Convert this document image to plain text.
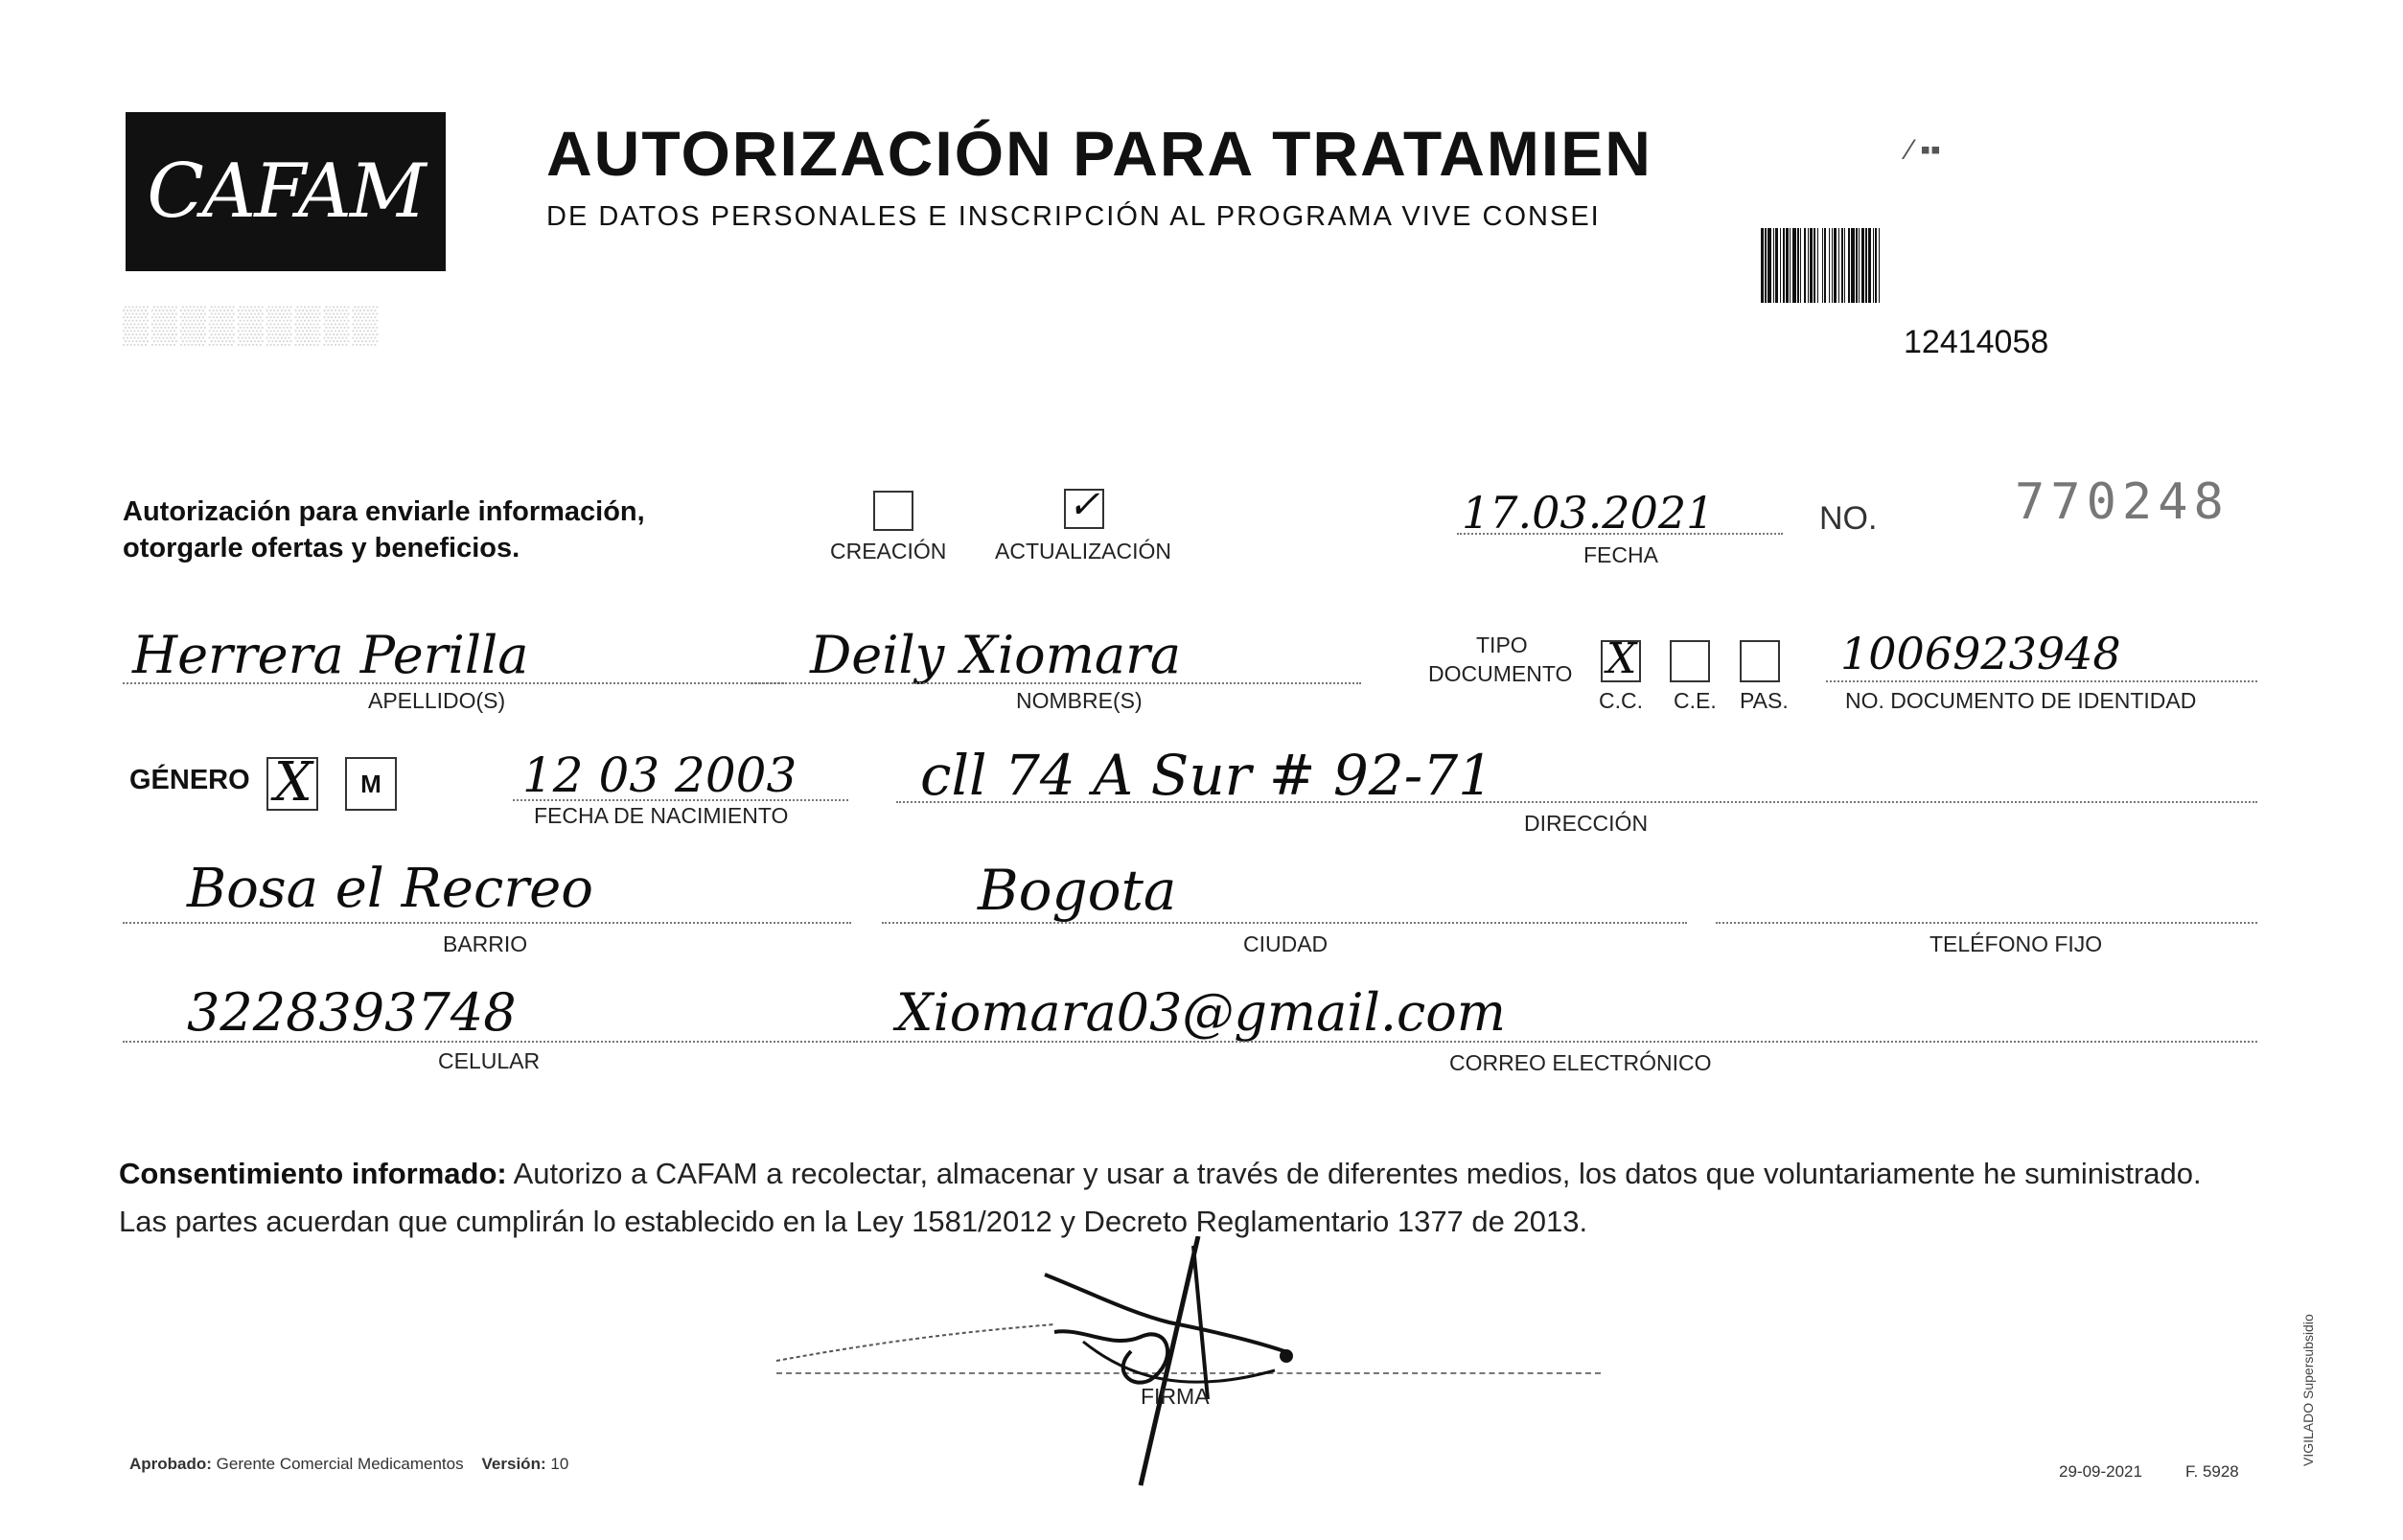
CAFAM	AUTORIZACIÓN PARA TRATAMIEN
DE DATOS PERSONALES E INSCRIPCIÓN AL PROGRAMA VIVE CONSEI
▒▒▒▒▒▒▒▒▒
⁄ ▪▪
12414058
Autorización para enviarle información,
otorgarle ofertas y beneficios.	CREACIÓN
✓
ACTUALIZACIÓN
17.03.2021
FECHA
NO.	770248
Herrera Perilla
APELLIDO(S)
Deily Xiomara
NOMBRE(S)
TIPO
DOCUMENTO X
C.C. C.E. PAS.
1006923948
NO. DOCUMENTO DE IDENTIDAD
GÉNERO X M	12 03 2003
FECHA DE NACIMIENTO
cll 74 A Sur # 92-71
DIRECCIÓN
Bosa el Recreo
BARRIO
Bogota
CIUDAD	TELÉFONO FIJO
3228393748
CELULAR
Xiomara03@gmail.com
CORREO ELECTRÓNICO
Consentimiento informado: Autorizo a CAFAM a recolectar, almacenar y usar a través de diferentes medios, los datos que voluntariamente he suministrado.
Las partes acuerdan que cumplirán lo establecido en la Ley 1581/2012 y Decreto Reglamentario 1377 de 2013.
FIRMA
Aprobado: Gerente Comercial Medicamentos Versión: 10	29-09-2021	F. 5928
VIGILADO Supersubsidio
